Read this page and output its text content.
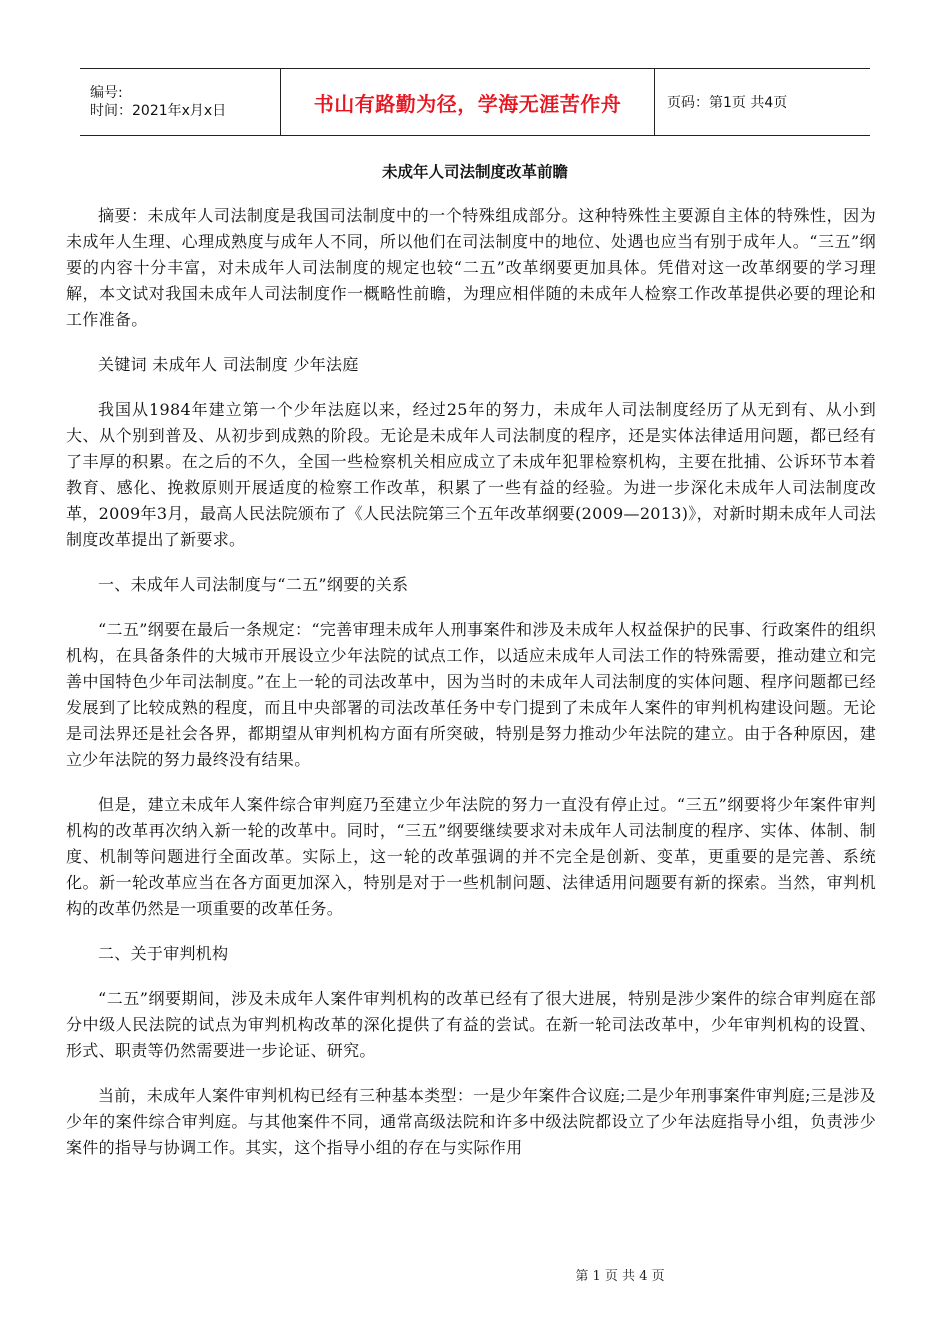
编号:
时间：2021年x月x日	书山有路勤为径，学海无涯苦作舟	页码：第1页 共4页
未成年人司法制度改革前瞻

摘要：未成年人司法制度是我国司法制度中的一个特殊组成部分。这种特殊性主要源自主体的特殊性，因为未成年人生理、心理成熟度与成年人不同，所以他们在司法制度中的地位、处遇也应当有别于成年人。“三五”纲要的内容十分丰富，对未成年人司法制度的规定也较“二五”改革纲要更加具体。凭借对这一改革纲要的学习理解，本文试对我国未成年人司法制度作一概略性前瞻，为理应相伴随的未成年人检察工作改革提供必要的理论和工作准备。

关键词 未成年人 司法制度 少年法庭

我国从1984年建立第一个少年法庭以来，经过25年的努力，未成年人司法制度经历了从无到有、从小到大、从个别到普及、从初步到成熟的阶段。无论是未成年人司法制度的程序，还是实体法律适用问题，都已经有了丰厚的积累。在之后的不久，全国一些检察机关相应成立了未成年犯罪检察机构，主要在批捕、公诉环节本着教育、感化、挽救原则开展适度的检察工作改革，积累了一些有益的经验。为进一步深化未成年人司法制度改革，2009年3月，最高人民法院颁布了《人民法院第三个五年改革纲要(2009—2013)》，对新时期未成年人司法制度改革提出了新要求。

一、未成年人司法制度与“二五”纲要的关系

“二五”纲要在最后一条规定：“完善审理未成年人刑事案件和涉及未成年人权益保护的民事、行政案件的组织机构，在具备条件的大城市开展设立少年法院的试点工作，以适应未成年人司法工作的特殊需要，推动建立和完善中国特色少年司法制度。”在上一轮的司法改革中，因为当时的未成年人司法制度的实体问题、程序问题都已经发展到了比较成熟的程度，而且中央部署的司法改革任务中专门提到了未成年人案件的审判机构建设问题。无论是司法界还是社会各界，都期望从审判机构方面有所突破，特别是努力推动少年法院的建立。由于各种原因，建立少年法院的努力最终没有结果。

但是，建立未成年人案件综合审判庭乃至建立少年法院的努力一直没有停止过。“三五”纲要将少年案件审判机构的改革再次纳入新一轮的改革中。同时，“三五”纲要继续要求对未成年人司法制度的程序、实体、体制、制度、机制等问题进行全面改革。实际上，这一轮的改革强调的并不完全是创新、变革，更重要的是完善、系统化。新一轮改革应当在各方面更加深入，特别是对于一些机制问题、法律适用问题要有新的探索。当然，审判机构的改革仍然是一项重要的改革任务。

二、关于审判机构

“二五”纲要期间，涉及未成年人案件审判机构的改革已经有了很大进展，特别是涉少案件的综合审判庭在部分中级人民法院的试点为审判机构改革的深化提供了有益的尝试。在新一轮司法改革中，少年审判机构的设置、形式、职责等仍然需要进一步论证、研究。

当前，未成年人案件审判机构已经有三种基本类型：一是少年案件合议庭;二是少年刑事案件审判庭;三是涉及少年的案件综合审判庭。与其他案件不同，通常高级法院和许多中级法院都设立了少年法庭指导小组，负责涉少案件的指导与协调工作。其实，这个指导小组的存在与实际作用

第 1 页 共 4 页
